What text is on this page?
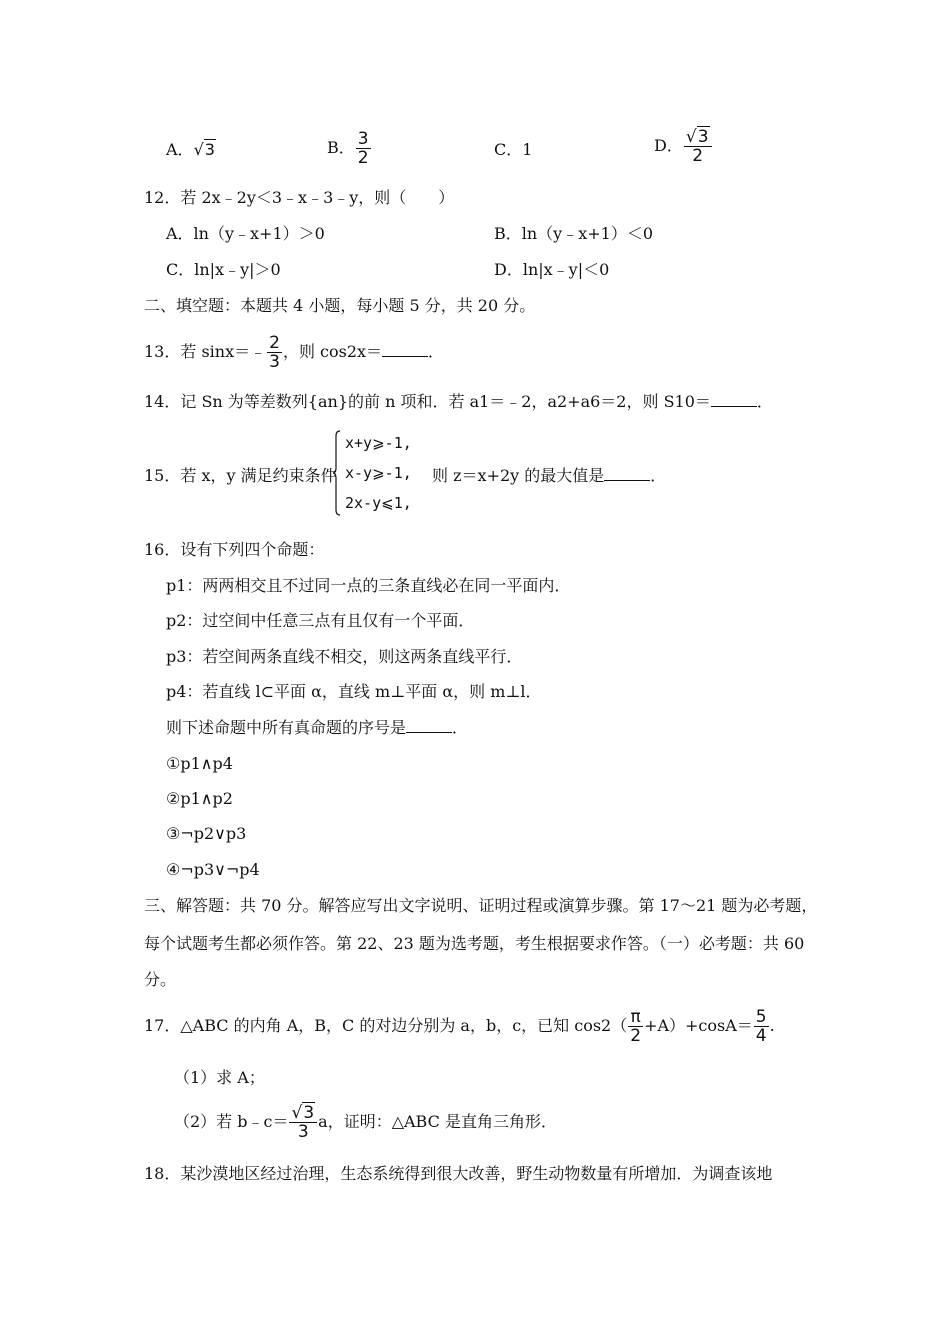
A．√3	B． $\frac{3}{2}$	C．1	D． $\frac{√3}{2}$
12．若 2x﹣2y＜3﹣x﹣3﹣y，则（　　）
A．ln（y﹣x+1）＞0	B．ln（y﹣x+1）＜0
C．ln|x﹣y|＞0	D．ln|x﹣y|＜0
二、填空题：本题共 4 小题，每小题 5 分，共 20 分。
13．若 sinx＝﹣ $\frac{2}{3}$ ，则 cos2x＝	．
14．记 Sn 为等差数列{an}的前 n 项和．若 a1＝﹣2，a2+a6＝2，则 S10＝	．
15．若 x，y 满足约束条件
x+y⩾-1,
x-y⩾-1,
2x-y⩽1,
则 z＝x+2y 的最大值是	．
16．设有下列四个命题：
p1：两两相交且不过同一点的三条直线必在同一平面内．
p2：过空间中任意三点有且仅有一个平面．
p3：若空间两条直线不相交，则这两条直线平行．
p4：若直线 l⊂平面 α，直线 m⊥平面 α，则 m⊥l．
则下述命题中所有真命题的序号是	．
①p1∧p4
②p1∧p2
③¬p2∨p3
④¬p3∨¬p4
三、解答题：共 70 分。解答应写出文字说明、证明过程或演算步骤。第 17～21 题为必考题，
每个试题考生都必须作答。第 22、23 题为选考题，考生根据要求作答。（一）必考题：共 60
分。
17．△ABC 的内角 A，B，C 的对边分别为 a，b，c，已知 $\cos 2( \frac{\pi}{2} +A)+\cos A= \frac{5}{4}$ .
（1）求 A；
（2）若 b﹣c＝ $\frac{√3}{3}$ a，证明：△ABC 是直角三角形．
18．某沙漠地区经过治理，生态系统得到很大改善，野生动物数量有所增加．为调查该地
